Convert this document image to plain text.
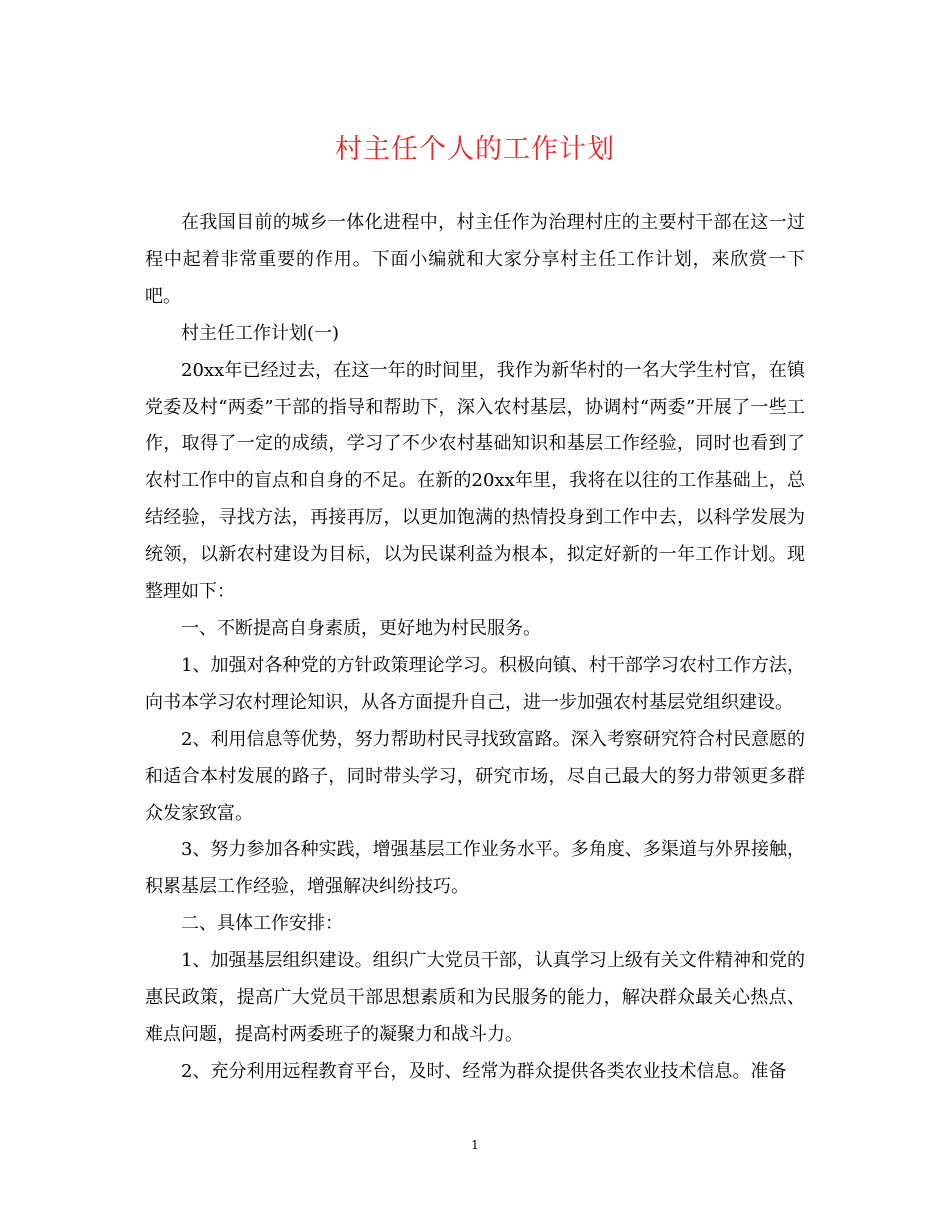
村主任个人的工作计划

在我国目前的城乡一体化进程中，村主任作为治理村庄的主要村干部在这一过程中起着非常重要的作用。下面小编就和大家分享村主任工作计划，来欣赏一下吧。

村主任工作计划(一)

20xx年已经过去，在这一年的时间里，我作为新华村的一名大学生村官，在镇党委及村“两委”干部的指导和帮助下，深入农村基层，协调村“两委”开展了一些工作，取得了一定的成绩，学习了不少农村基础知识和基层工作经验，同时也看到了农村工作中的盲点和自身的不足。在新的20xx年里，我将在以往的工作基础上，总结经验，寻找方法，再接再厉，以更加饱满的热情投身到工作中去，以科学发展为统领，以新农村建设为目标，以为民谋利益为根本，拟定好新的一年工作计划。现整理如下：

一、不断提高自身素质，更好地为村民服务。

1、加强对各种党的方针政策理论学习。积极向镇、村干部学习农村工作方法，向书本学习农村理论知识，从各方面提升自己，进一步加强农村基层党组织建设。

2、利用信息等优势，努力帮助村民寻找致富路。深入考察研究符合村民意愿的和适合本村发展的路子，同时带头学习，研究市场，尽自己最大的努力带领更多群众发家致富。

3、努力参加各种实践，增强基层工作业务水平。多角度、多渠道与外界接触，积累基层工作经验，增强解决纠纷技巧。

二、具体工作安排：

1、加强基层组织建设。组织广大党员干部，认真学习上级有关文件精神和党的惠民政策，提高广大党员干部思想素质和为民服务的能力，解决群众最关心热点、难点问题，提高村两委班子的凝聚力和战斗力。

2、充分利用远程教育平台，及时、经常为群众提供各类农业技术信息。准备

1
